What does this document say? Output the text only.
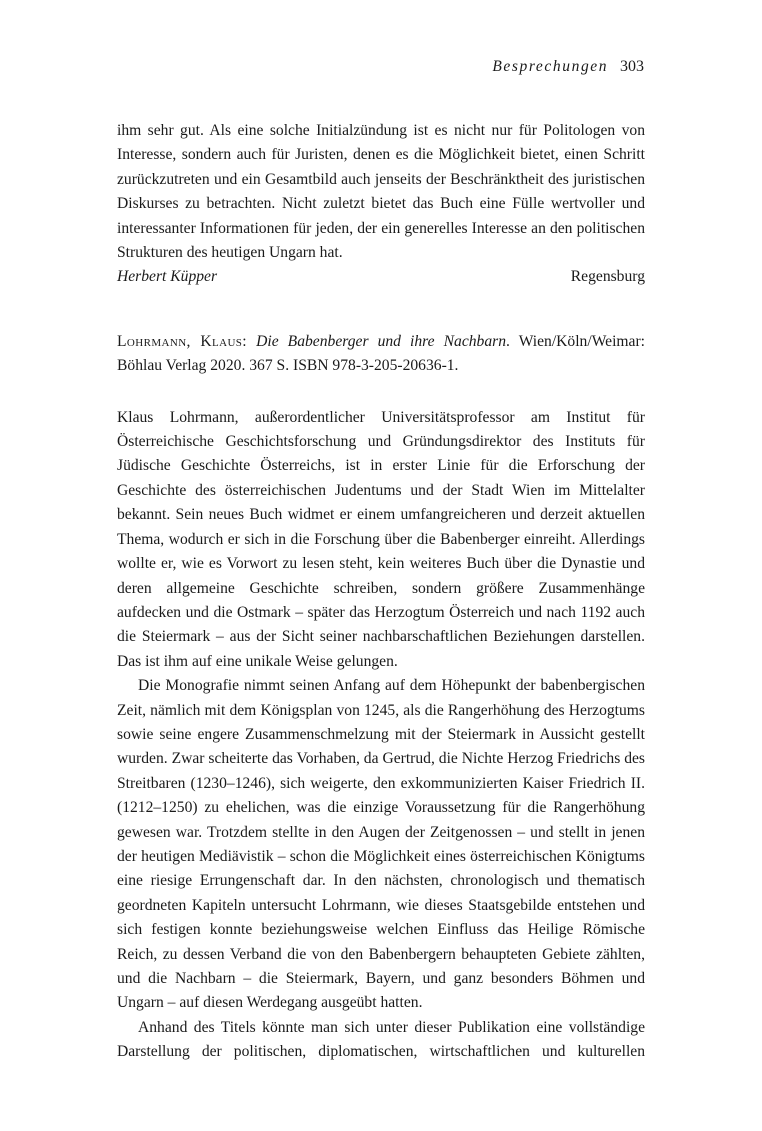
Besprechungen 303

ihm sehr gut. Als eine solche Initialzündung ist es nicht nur für Politologen von Interesse, sondern auch für Juristen, denen es die Möglichkeit bietet, einen Schritt zurückzutreten und ein Gesamtbild auch jenseits der Beschränktheit des juristischen Diskurses zu betrachten. Nicht zuletzt bietet das Buch eine Fülle wertvoller und interessanter Informationen für jeden, der ein generelles Interesse an den politischen Strukturen des heutigen Ungarn hat.

Herbert Küpper	Regensburg

Lohrmann, Klaus: Die Babenberger und ihre Nachbarn. Wien/Köln/Weimar: Böhlau Verlag 2020. 367 S. ISBN 978-3-205-20636-1.

Klaus Lohrmann, außerordentlicher Universitätsprofessor am Institut für Österreichische Geschichtsforschung und Gründungsdirektor des Instituts für Jüdische Geschichte Österreichs, ist in erster Linie für die Erforschung der Geschichte des österreichischen Judentums und der Stadt Wien im Mittelalter bekannt. Sein neues Buch widmet er einem umfangreicheren und derzeit aktuellen Thema, wodurch er sich in die Forschung über die Babenberger einreiht. Allerdings wollte er, wie es Vorwort zu lesen steht, kein weiteres Buch über die Dynastie und deren allgemeine Geschichte schreiben, sondern größere Zusammenhänge aufdecken und die Ostmark – später das Herzogtum Österreich und nach 1192 auch die Steiermark – aus der Sicht seiner nachbarschaftlichen Beziehungen darstellen. Das ist ihm auf eine unikale Weise gelungen.

Die Monografie nimmt seinen Anfang auf dem Höhepunkt der babenbergischen Zeit, nämlich mit dem Königsplan von 1245, als die Rangerhöhung des Herzogtums sowie seine engere Zusammenschmelzung mit der Steiermark in Aussicht gestellt wurden. Zwar scheiterte das Vorhaben, da Gertrud, die Nichte Herzog Friedrichs des Streitbaren (1230–1246), sich weigerte, den exkommunizierten Kaiser Friedrich II. (1212–1250) zu ehelichen, was die einzige Voraussetzung für die Rangerhöhung gewesen war. Trotzdem stellte in den Augen der Zeitgenossen – und stellt in jenen der heutigen Mediävistik – schon die Möglichkeit eines österreichischen Königtums eine riesige Errungenschaft dar. In den nächsten, chronologisch und thematisch geordneten Kapiteln untersucht Lohrmann, wie dieses Staatsgebilde entstehen und sich festigen konnte beziehungsweise welchen Einfluss das Heilige Römische Reich, zu dessen Verband die von den Babenbergern behaupteten Gebiete zählten, und die Nachbarn – die Steiermark, Bayern, und ganz besonders Böhmen und Ungarn – auf diesen Werdegang ausgeübt hatten.

Anhand des Titels könnte man sich unter dieser Publikation eine vollständige Darstellung der politischen, diplomatischen, wirtschaftlichen und kulturellen
